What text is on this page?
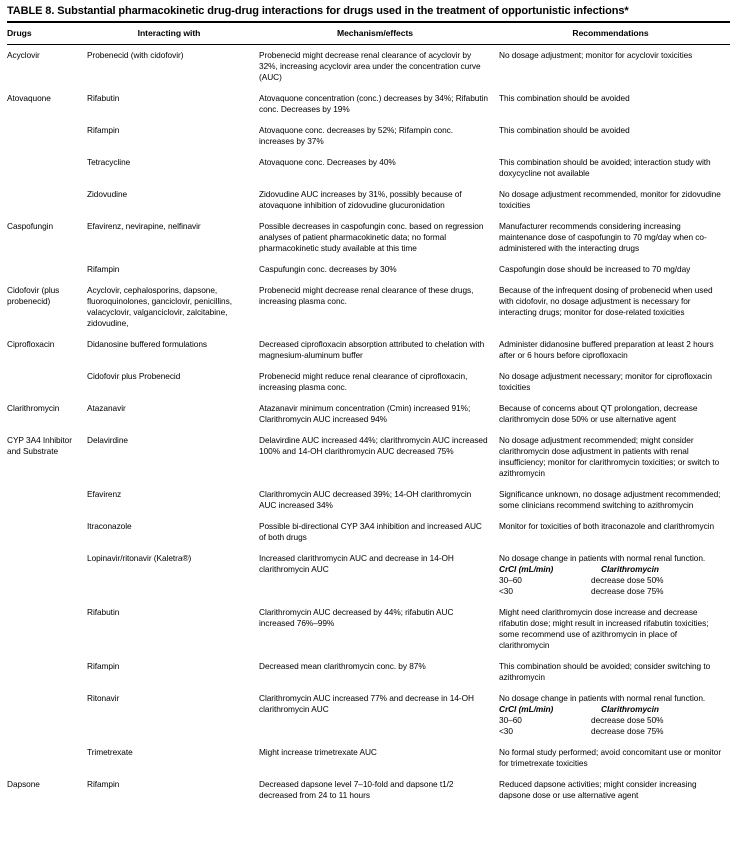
TABLE 8. Substantial pharmacokinetic drug-drug interactions for drugs used in the treatment of opportunistic infections*
Drugs	Interacting with	Mechanism/effects	Recommendations
Acyclovir	Probenecid (with cidofovir)	Probenecid might decrease renal clearance of acyclovir by 32%, increasing acyclovir area under the concentration curve (AUC)	No dosage adjustment; monitor for acyclovir toxicities

Atovaquone	Rifabutin	Atovaquone concentration (conc.) decreases by 34%; Rifabutin conc. Decreases by 19%	This combination should be avoided

	Rifampin	Atovaquone conc. decreases by 52%; Rifampin conc. increases by 37%	This combination should be avoided

	Tetracycline	Atovaquone conc. Decreases by 40%	This combination should be avoided; interaction study with doxycycline not available

	Zidovudine	Zidovudine AUC increases by 31%, possibly because of atovaquone inhibition of zidovudine glucuronidation	No dosage adjustment recommended, monitor for zidovudine toxicities

Caspofungin	Efavirenz, nevirapine, nelfinavir	Possible decreases in caspofungin conc. based on regression analyses of patient pharmacokinetic data; no formal pharmacokinetic study available at this time	Manufacturer recommends considering increasing maintenance dose of caspofungin to 70 mg/day when co-administered with the interacting drugs

	Rifampin	Caspufungin conc. decreases by 30%	Caspofungin dose should be increased to 70 mg/day

Cidofovir (plus probenecid)	Acyclovir, cephalosporins, dapsone, fluoroquinolones, ganciclovir, penicillins, valacyclovir, valganciclovir, zalcitabine, zidovudine,	Probenecid might decrease renal clearance of these drugs, increasing plasma conc.	Because of the infrequent dosing of probenecid when used with cidofovir, no dosage adjustment is necessary for interacting drugs; monitor for dose-related toxicities

Ciprofloxacin	Didanosine buffered formulations	Decreased ciprofloxacin absorption attributed to chelation with magnesium-aluminum buffer	Administer didanosine buffered preparation at least 2 hours after or 6 hours before ciprofloxacin

	Cidofovir plus Probenecid	Probenecid might reduce renal clearance of ciprofloxacin, increasing plasma conc.	No dosage adjustment necessary; monitor for ciprofloxacin toxicities

Clarithromycin	Atazanavir	Atazanavir minimum concentration (Cmin) increased 91%; Clarithromycin AUC increased 94%	Because of concerns about QT prolongation, decrease clarithromycin dose 50% or use alternative agent

CYP 3A4 Inhibitor and Substrate	Delavirdine	Delavirdine AUC increased 44%; clarithromycin AUC increased 100% and 14-OH clarithromycin AUC decreased 75%	No dosage adjustment recommended; might consider clarithromycin dose adjustment in patients with renal insufficiency; monitor for clarithromycin toxicities; or switch to azithromycin

	Efavirenz	Clarithromycin AUC decreased 39%; 14-OH clarithromycin AUC increased 34%	Significance unknown, no dosage adjustment recommended; some clinicians recommend switching to azithromycin

	Itraconazole	Possible bi-directional CYP 3A4 inhibition and increased AUC of both drugs	Monitor for toxicities of both itraconazole and clarithromycin

	Lopinavir/ritonavir (Kaletra®)	Increased clarithromycin AUC and decrease in 14-OH clarithromycin AUC	
No dosage change in patients with normal renal function.
CrCl (mL/min)	Clarithromycin
30–60	decrease dose 50%
<30	decrease dose 75%

	Rifabutin	Clarithromycin AUC decreased by 44%; rifabutin AUC increased 76%–99%	Might need clarithromycin dose increase and decrease rifabutin dose; might result in increased rifabutin toxicities; some recommend use of azithromycin in place of clarithromycin

	Rifampin	Decreased mean clarithromycin conc. by 87%	This combination should be avoided; consider switching to azithromycin

	Ritonavir	Clarithromycin AUC increased 77% and decrease in 14-OH clarithromycin AUC	
No dosage change in patients with normal renal function.
CrCl (mL/min)	Clarithromycin
30–60	decrease dose 50%
<30	decrease dose 75%

	Trimetrexate	Might increase trimetrexate AUC	No formal study performed; avoid concomitant use or monitor for trimetrexate toxicities

Dapsone	Rifampin	Decreased dapsone level 7–10-fold and dapsone t1/2 decreased from 24 to 11 hours	Reduced dapsone activities; might consider increasing dapsone dose or use alternative agent
